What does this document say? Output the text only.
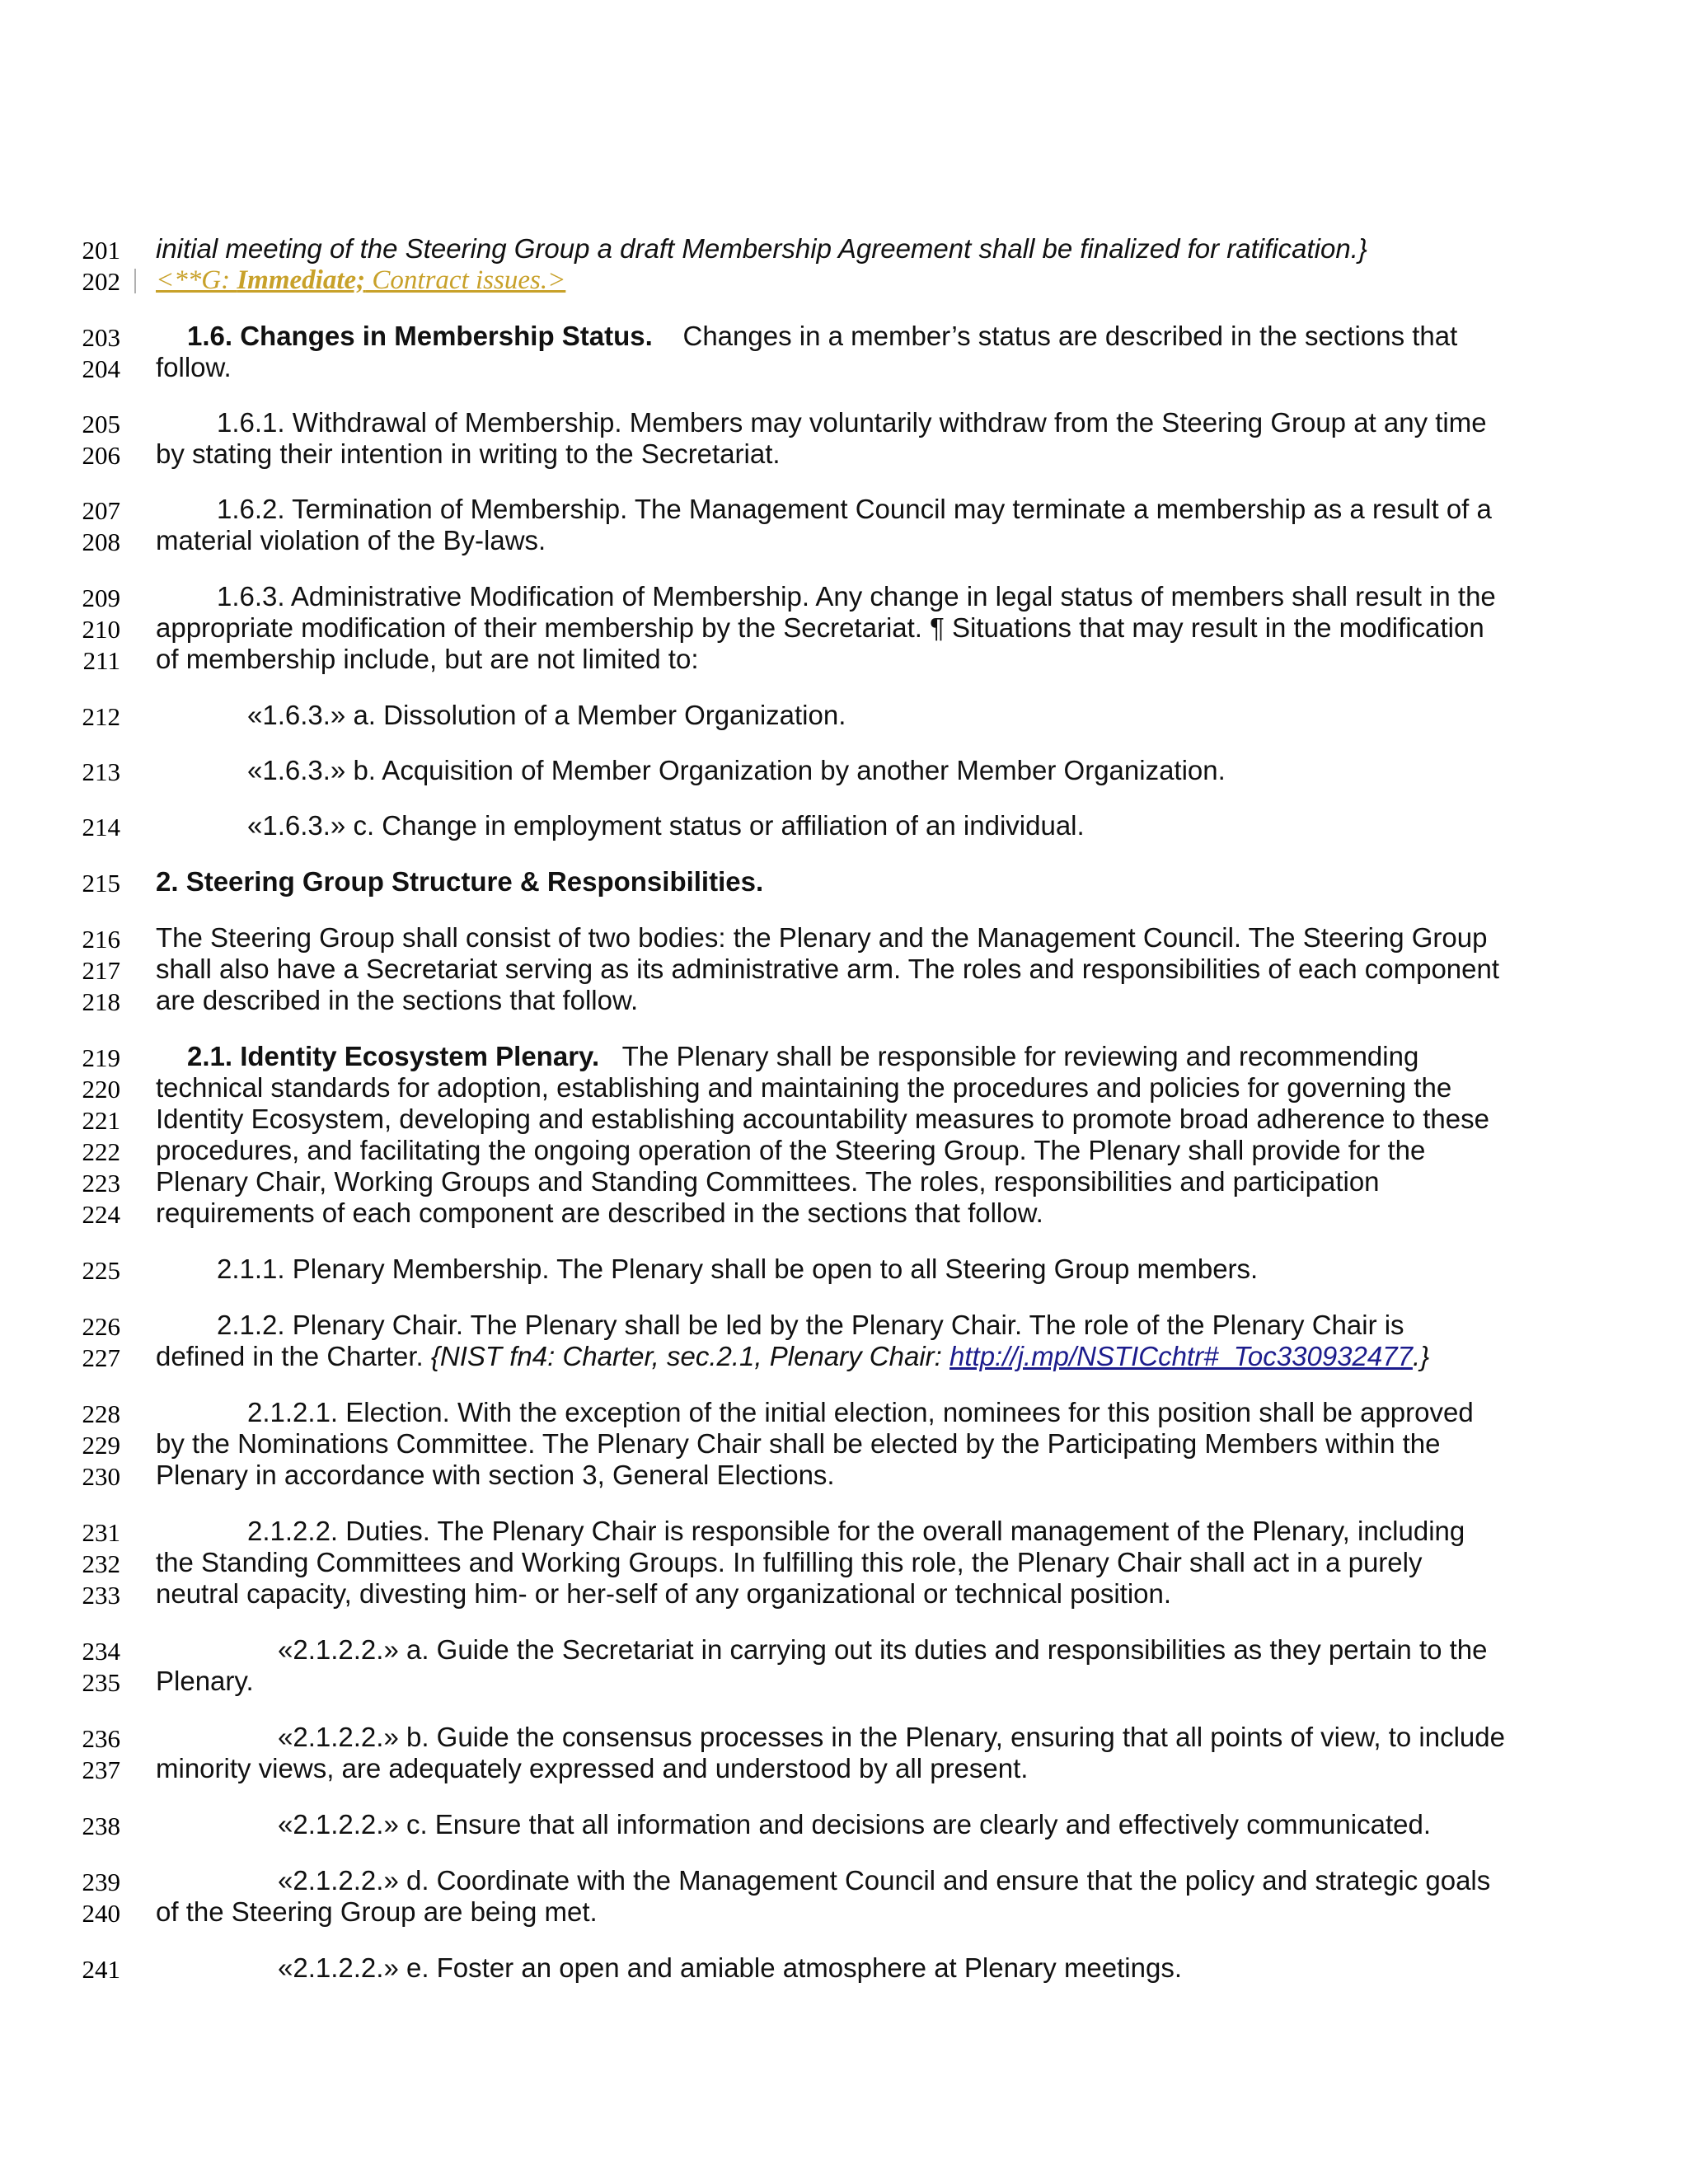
201 initial meeting of the Steering Group a draft Membership Agreement shall be finalized for ratification.}
202 <**G: Immediate; Contract issues.>
203 1.6. Changes in Membership Status. Changes in a member’s status are described in the sections that
204 follow.
205	1.6.1. Withdrawal of Membership. Members may voluntarily withdraw from the Steering Group at any time
206 by stating their intention in writing to the Secretariat.
207	1.6.2. Termination of Membership. The Management Council may terminate a membership as a result of a
208 material violation of the By-laws.
209	1.6.3. Administrative Modification of Membership. Any change in legal status of members shall result in the
210 appropriate modification of their membership by the Secretariat. ¶ Situations that may result in the modification
211 of membership include, but are not limited to:
212	«1.6.3.» a. Dissolution of a Member Organization.
213	«1.6.3.» b. Acquisition of Member Organization by another Member Organization.
214	«1.6.3.» c. Change in employment status or affiliation of an individual.
215 2. Steering Group Structure & Responsibilities.
216 The Steering Group shall consist of two bodies: the Plenary and the Management Council. The Steering Group
217 shall also have a Secretariat serving as its administrative arm. The roles and responsibilities of each component
218 are described in the sections that follow.
219 2.1. Identity Ecosystem Plenary. The Plenary shall be responsible for reviewing and recommending
220 technical standards for adoption, establishing and maintaining the procedures and policies for governing the
221 Identity Ecosystem, developing and establishing accountability measures to promote broad adherence to these
222 procedures, and facilitating the ongoing operation of the Steering Group. The Plenary shall provide for the
223 Plenary Chair, Working Groups and Standing Committees. The roles, responsibilities and participation
224 requirements of each component are described in the sections that follow.
225	2.1.1. Plenary Membership. The Plenary shall be open to all Steering Group members.
226	2.1.2. Plenary Chair. The Plenary shall be led by the Plenary Chair. The role of the Plenary Chair is
227 defined in the Charter. {NIST fn4: Charter, sec.2.1, Plenary Chair: http://j.mp/NSTICchtr#_Toc330932477.}
228	2.1.2.1. Election. With the exception of the initial election, nominees for this position shall be approved
229 by the Nominations Committee. The Plenary Chair shall be elected by the Participating Members within the
230 Plenary in accordance with section 3, General Elections.
231	2.1.2.2. Duties. The Plenary Chair is responsible for the overall management of the Plenary, including
232 the Standing Committees and Working Groups. In fulfilling this role, the Plenary Chair shall act in a purely
233 neutral capacity, divesting him- or her-self of any organizational or technical position.
234	«2.1.2.2.» a. Guide the Secretariat in carrying out its duties and responsibilities as they pertain to the
235 Plenary.
236	«2.1.2.2.» b. Guide the consensus processes in the Plenary, ensuring that all points of view, to include
237 minority views, are adequately expressed and understood by all present.
238	«2.1.2.2.» c. Ensure that all information and decisions are clearly and effectively communicated.
239	«2.1.2.2.» d. Coordinate with the Management Council and ensure that the policy and strategic goals
240 of the Steering Group are being met.
241	«2.1.2.2.» e. Foster an open and amiable atmosphere at Plenary meetings.
